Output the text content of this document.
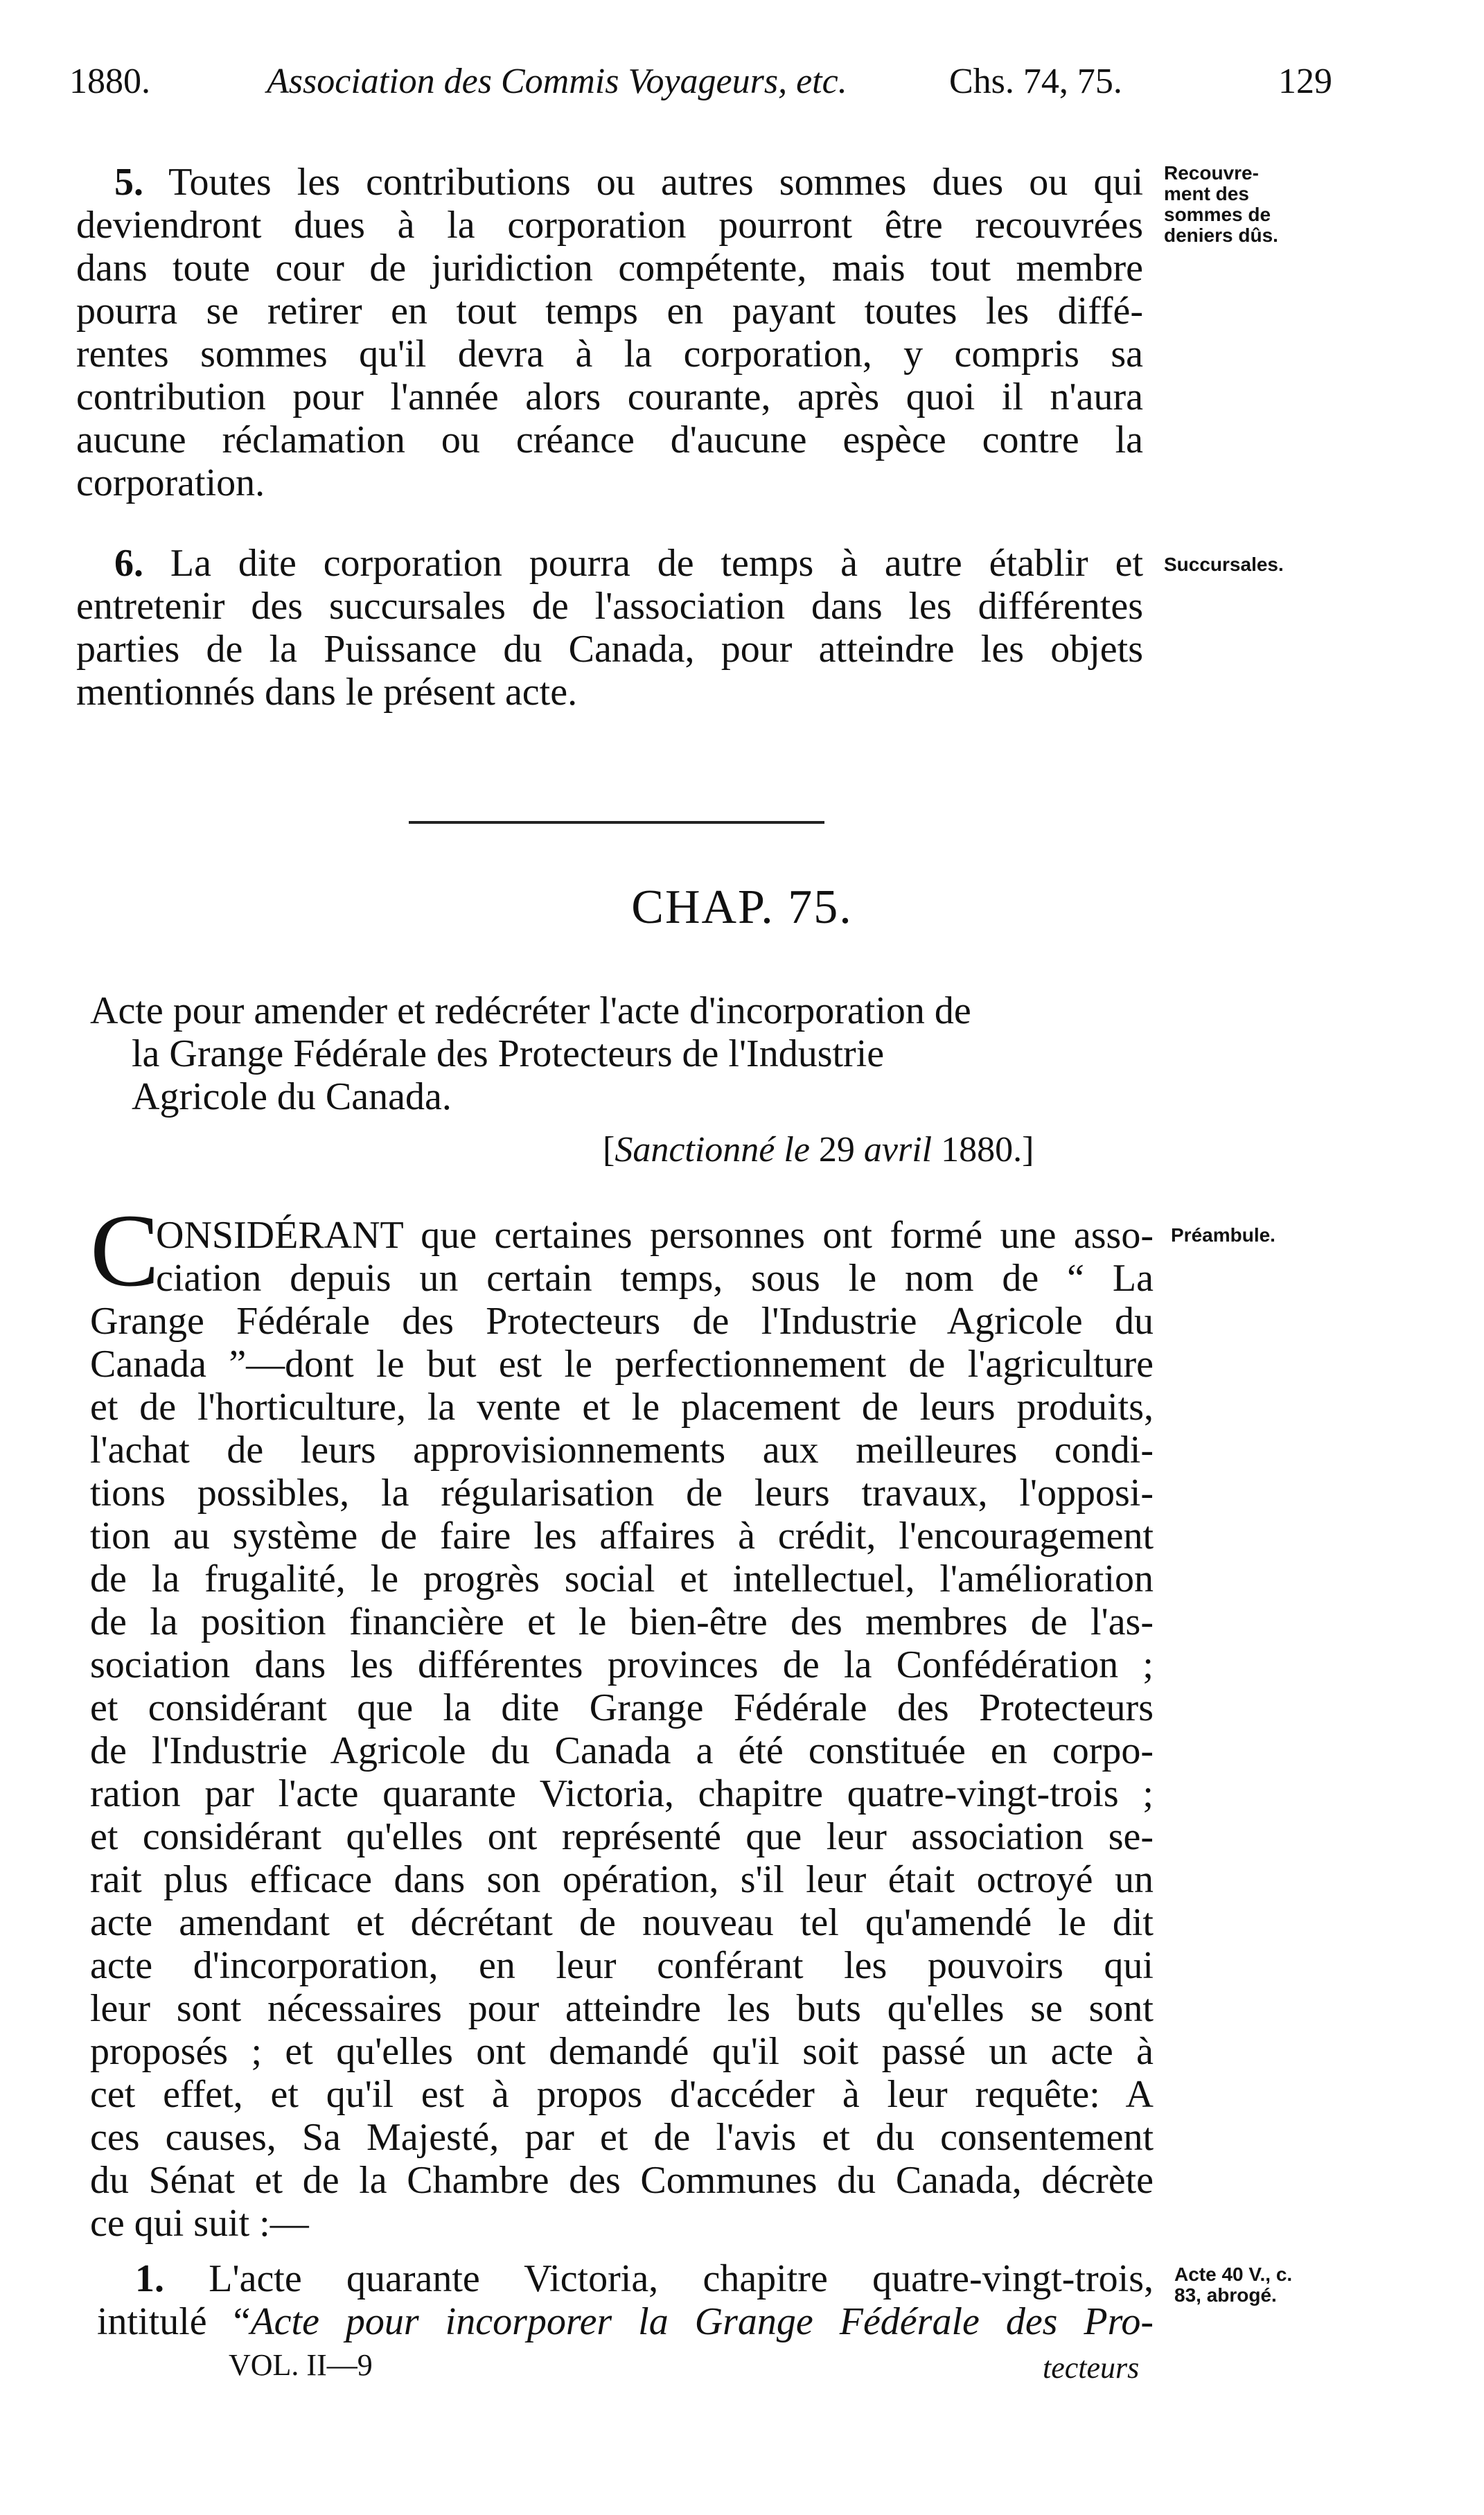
1880.	Association des Commis Voyageurs, etc.	Chs. 74, 75.	129
5. Toutes les contributions ou autres sommes dues ou qui
deviendront dues à la corporation pourront être recouvrées
dans toute cour de juridiction compétente, mais tout membre
pourra se retirer en tout temps en payant toutes les diffé-
rentes sommes qu'il devra à la corporation, y compris sa
contribution pour l'année alors courante, après quoi il n'aura
aucune réclamation ou créance d'aucune espèce contre la
corporation.
Recouvre-
ment des
sommes de
deniers dûs.
6. La dite corporation pourra de temps à autre établir et
entretenir des succursales de l'association dans les différentes
parties de la Puissance du Canada, pour atteindre les objets
mentionnés dans le présent acte.
Succursales.
CHAP. 75.
Acte pour amender et redécréter l'acte d'incorporation de
la Grange Fédérale des Protecteurs de l'Industrie
Agricole du Canada.
[Sanctionné le 29 avril 1880.]
C
ONSIDÉRANT que certaines personnes ont formé une asso-
ciation depuis un certain temps, sous le nom de “ La
Grange Fédérale des Protecteurs de l'Industrie Agricole du
Canada ”—dont le but est le perfectionnement de l'agriculture
et de l'horticulture, la vente et le placement de leurs produits,
l'achat de leurs approvisionnements aux meilleures condi-
tions possibles, la régularisation de leurs travaux, l'opposi-
tion au système de faire les affaires à crédit, l'encouragement
de la frugalité, le progrès social et intellectuel, l'amélioration
de la position financière et le bien-être des membres de l'as-
sociation dans les différentes provinces de la Confédération ;
et considérant que la dite Grange Fédérale des Protecteurs
de l'Industrie Agricole du Canada a été constituée en corpo-
ration par l'acte quarante Victoria, chapitre quatre-vingt-trois ;
et considérant qu'elles ont représenté que leur association se-
rait plus efficace dans son opération, s'il leur était octroyé un
acte amendant et décrétant de nouveau tel qu'amendé le dit
acte d'incorporation, en leur conférant les pouvoirs qui
leur sont nécessaires pour atteindre les buts qu'elles se sont
proposés ; et qu'elles ont demandé qu'il soit passé un acte à
cet effet, et qu'il est à propos d'accéder à leur requête: A
ces causes, Sa Majesté, par et de l'avis et du consentement
du Sénat et de la Chambre des Communes du Canada, décrète
ce qui suit :—
Préambule.
1. L'acte quarante Victoria, chapitre quatre-vingt-trois,
intitulé “Acte pour incorporer la Grange Fédérale des Pro-
Acte 40 V., c.
83, abrogé.
VOL. II—9	tecteurs
